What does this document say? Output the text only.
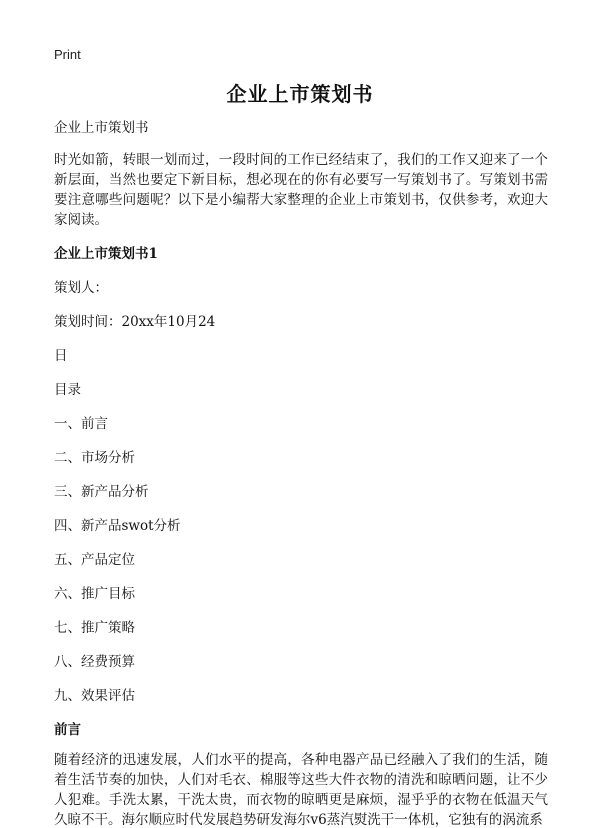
Print
企业上市策划书

企业上市策划书

时光如箭，转眼一划而过，一段时间的工作已经结束了，我们的工作又迎来了一个新层面，当然也要定下新目标，想必现在的你有必要写一写策划书了。写策划书需要注意哪些问题呢？以下是小编帮大家整理的企业上市策划书，仅供参考，欢迎大家阅读。

企业上市策划书1

策划人：

策划时间：20xx年10月24

日

目录

一、前言
二、市场分析
三、新产品分析
四、新产品swot分析
五、产品定位
六、推广目标
七、推广策略
八、经费预算
九、效果评估

前言

随着经济的迅速发展，人们水平的提高，各种电器产品已经融入了我们的生活，随着生活节奏的加快，人们对毛衣、棉服等这些大件衣物的清洗和晾晒问题，让不少人犯难。手洗太累，干洗太贵，而衣物的晾晒更是麻烦，湿乎乎的衣物在低温天气久晾不干。海尔顺应时代发展趋势研发海尔v6蒸汽熨洗干一体机，它独有的涡流系
